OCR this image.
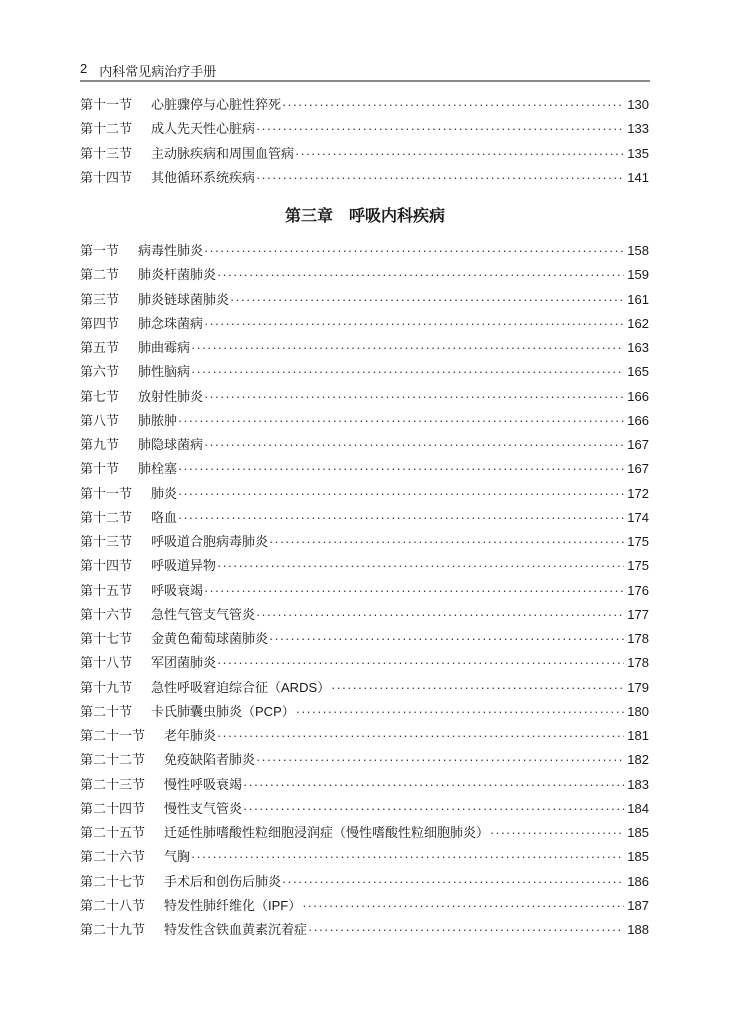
2 内科常见病治疗手册
第十一节 心脏骤停与心脏性猝死 ·····	130
第十二节 成人先天性心脏病 ·····	133
第十三节 主动脉疾病和周围血管病 ·····	135
第十四节 其他循环系统疾病 ·····	141
第三章 呼吸内科疾病
第一节 病毒性肺炎 ·····	158
第二节 肺炎杆菌肺炎 ·····	159
第三节 肺炎链球菌肺炎 ·····	161
第四节 肺念珠菌病 ·····	162
第五节 肺曲霉病 ·····	163
第六节 肺性脑病 ·····	165
第七节 放射性肺炎 ·····	166
第八节 肺脓肿 ·····	166
第九节 肺隐球菌病 ·····	167
第十节 肺栓塞 ·····	167
第十一节 肺炎 ·····	172
第十二节 咯血 ·····	174
第十三节 呼吸道合胞病毒肺炎 ·····	175
第十四节 呼吸道异物 ·····	175
第十五节 呼吸衰竭 ·····	176
第十六节 急性气管支气管炎 ·····	177
第十七节 金黄色葡萄球菌肺炎 ·····	178
第十八节 军团菌肺炎 ·····	178
第十九节 急性呼吸窘迫综合征（ARDS） ·····	179
第二十节 卡氏肺囊虫肺炎（PCP） ·····	180
第二十一节 老年肺炎 ·····	181
第二十二节 免疫缺陷者肺炎 ·····	182
第二十三节 慢性呼吸衰竭 ·····	183
第二十四节 慢性支气管炎 ·····	184
第二十五节 迁延性肺嗜酸性粒细胞浸润症（慢性嗜酸性粒细胞肺炎） ·····	185
第二十六节 气胸 ·····	185
第二十七节 手术后和创伤后肺炎 ·····	186
第二十八节 特发性肺纤维化（IPF） ·····	187
第二十九节 特发性含铁血黄素沉着症 ·····	188
